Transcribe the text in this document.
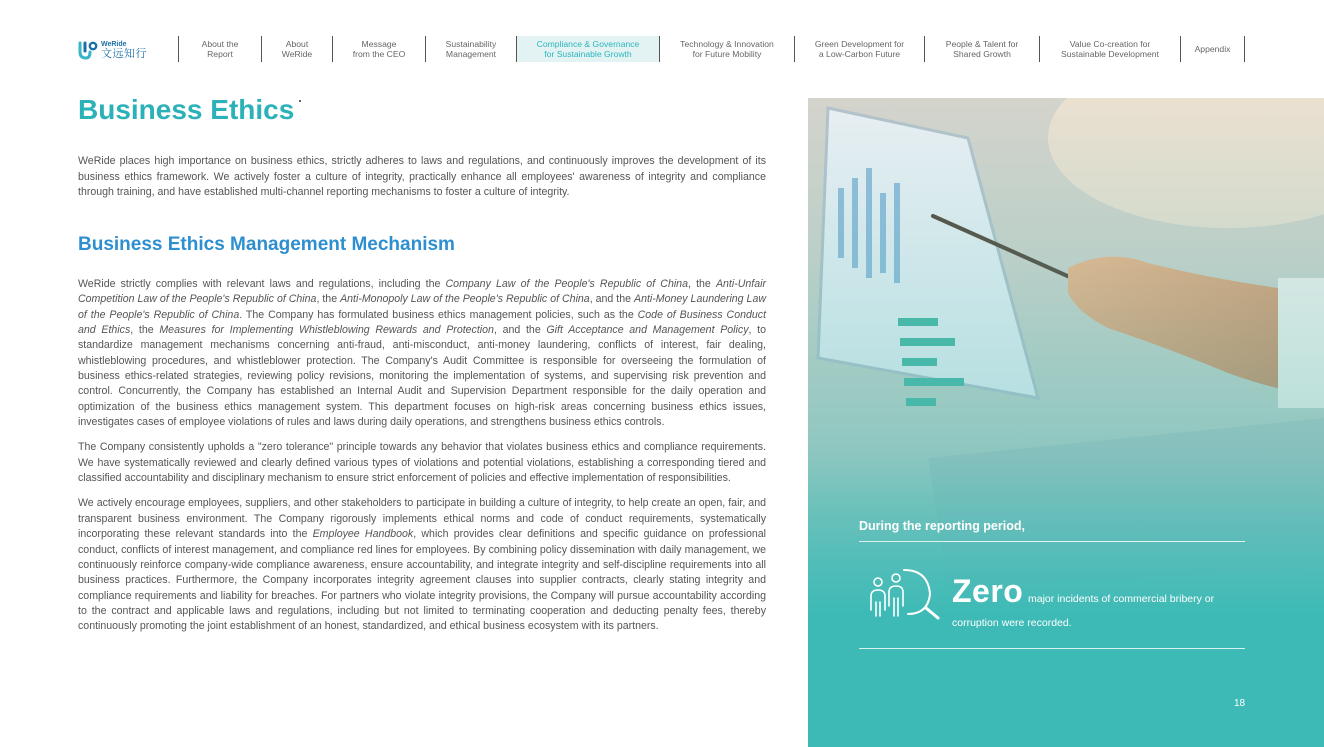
WeRide
文远知行
About the
Report
About
WeRide
Message
from the CEO
Sustainability
Management
Compliance & Governance
for Sustainable Growth
Technology & Innovation
for Future Mobility
Green Development for
a Low-Carbon Future
People & Talent for
Shared Growth
Value Co-creation for
Sustainable Development	Appendix
Business Ethics

WeRide places high importance on business ethics, strictly adheres to laws and regulations, and continuously improves the development of its business ethics framework. We actively foster a culture of integrity, practically enhance all employees' awareness of integrity and compliance through training, and have established multi-channel reporting mechanisms to foster a culture of integrity.

Business Ethics Management Mechanism

WeRide strictly complies with relevant laws and regulations, including the Company Law of the People's Republic of China, the Anti-Unfair Competition Law of the People's Republic of China, the Anti-Monopoly Law of the People's Republic of China, and the Anti-Money Laundering Law of the People's Republic of China. The Company has formulated business ethics management policies, such as the Code of Business Conduct and Ethics, the Measures for Implementing Whistleblowing Rewards and Protection, and the Gift Acceptance and Management Policy, to standardize management mechanisms concerning anti-fraud, anti-misconduct, anti-money laundering, conflicts of interest, fair dealing, whistleblowing procedures, and whistleblower protection. The Company's Audit Committee is responsible for overseeing the formulation of business ethics-related strategies, reviewing policy revisions, monitoring the implementation of systems, and supervising risk prevention and control. Concurrently, the Company has established an Internal Audit and Supervision Department responsible for the daily operation and optimization of the business ethics management system. This department focuses on high-risk areas concerning business ethics issues, investigates cases of employee violations of rules and laws during daily operations, and strengthens business ethics controls.

The Company consistently upholds a "zero tolerance" principle towards any behavior that violates business ethics and compliance requirements. We have systematically reviewed and clearly defined various types of violations and potential violations, establishing a corresponding tiered and classified accountability and disciplinary mechanism to ensure strict enforcement of policies and effective implementation of responsibilities.

We actively encourage employees, suppliers, and other stakeholders to participate in building a culture of integrity, to help create an open, fair, and transparent business environment. The Company rigorously implements ethical norms and code of conduct requirements, systematically incorporating these relevant standards into the Employee Handbook, which provides clear definitions and specific guidance on professional conduct, conflicts of interest management, and compliance red lines for employees. By combining policy dissemination with daily management, we continuously reinforce company-wide compliance awareness, ensure accountability, and integrate integrity and self-discipline requirements into all business practices. Furthermore, the Company incorporates integrity agreement clauses into supplier contracts, clearly stating integrity and compliance requirements and liability for breaches. For partners who violate integrity provisions, the Company will pursue accountability according to the contract and applicable laws and regulations, including but not limited to terminating cooperation and deducting penalty fees, thereby continuously promoting the joint establishment of an honest, standardized, and ethical business ecosystem with its partners.

During the reporting period,
Zero major incidents of commercial bribery or corruption were recorded.
18
